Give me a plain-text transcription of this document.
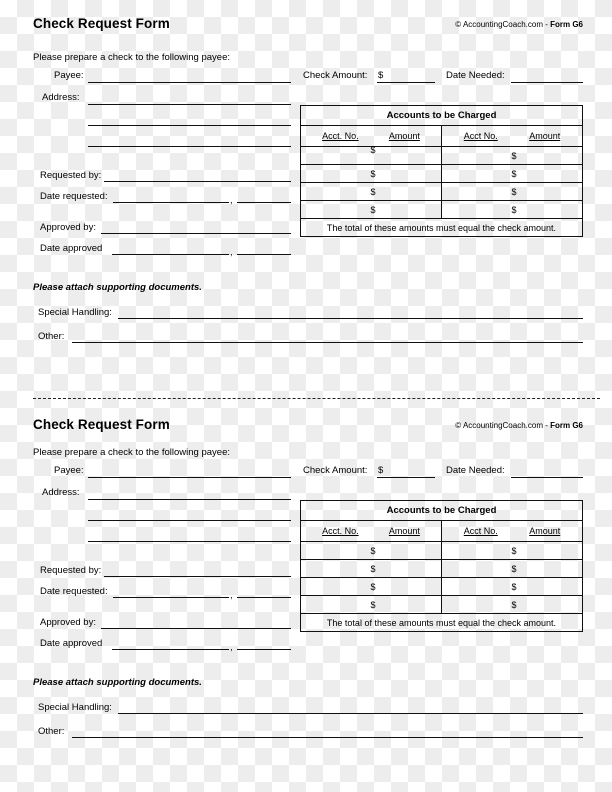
Check Request Form	© AccountingCoach.com - Form G6
Please prepare a check to the following payee:
Payee:
Address:
Check Amount: $	Date Needed:
Accounts to be Charged	

Acct. No. Amount	Acct No. Amount

$	$

$	$

$	$

$	$

The total of these amounts must equal the check amount.	
Requested by:
Date requested:	,
Approved by:
Date approved	,
Please attach supporting documents.
Special Handling:
Other:
Check Request Form	© AccountingCoach.com - Form G6
Please prepare a check to the following payee:
Payee:
Address:
Check Amount: $	Date Needed:
Accounts to be Charged	

Acct. No. Amount	Acct No. Amount

$	$

$	$

$	$

$	$

The total of these amounts must equal the check amount.	
Requested by:
Date requested:	,
Approved by:
Date approved	,
Please attach supporting documents.
Special Handling:
Other:
